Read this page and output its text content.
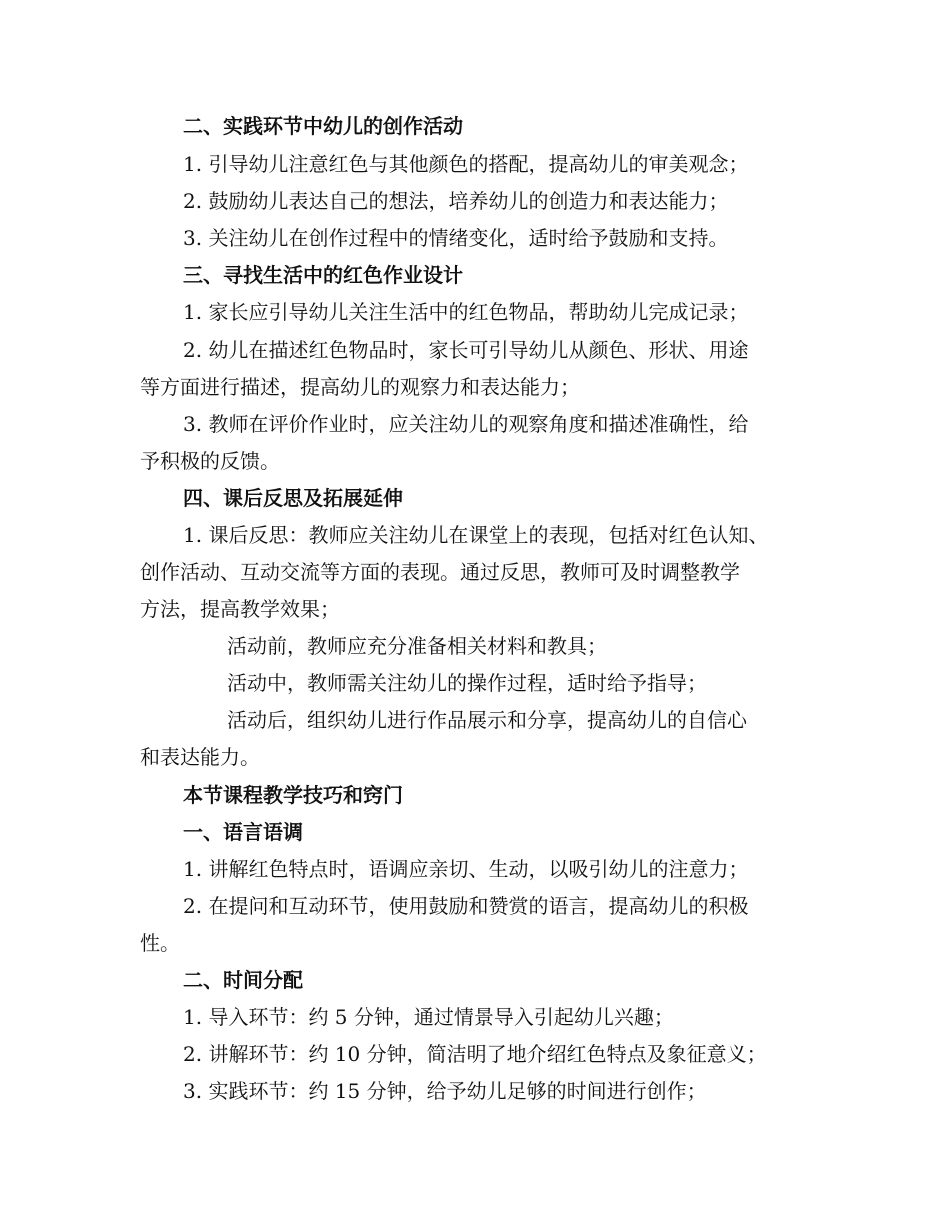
二、实践环节中幼儿的创作活动
1. 引导幼儿注意红色与其他颜色的搭配，提高幼儿的审美观念；
2. 鼓励幼儿表达自己的想法，培养幼儿的创造力和表达能力；
3. 关注幼儿在创作过程中的情绪变化，适时给予鼓励和支持。
三、寻找生活中的红色作业设计
1. 家长应引导幼儿关注生活中的红色物品，帮助幼儿完成记录；
2. 幼儿在描述红色物品时，家长可引导幼儿从颜色、形状、用途
等方面进行描述，提高幼儿的观察力和表达能力；
3. 教师在评价作业时，应关注幼儿的观察角度和描述准确性，给
予积极的反馈。
四、课后反思及拓展延伸
1. 课后反思：教师应关注幼儿在课堂上的表现，包括对红色认知、
创作活动、互动交流等方面的表现。通过反思，教师可及时调整教学
方法，提高教学效果；
活动前，教师应充分准备相关材料和教具；
活动中，教师需关注幼儿的操作过程，适时给予指导；
活动后，组织幼儿进行作品展示和分享，提高幼儿的自信心
和表达能力。
本节课程教学技巧和窍门
一、语言语调
1. 讲解红色特点时，语调应亲切、生动，以吸引幼儿的注意力；
2. 在提问和互动环节，使用鼓励和赞赏的语言，提高幼儿的积极
性。
二、时间分配
1. 导入环节：约 5 分钟，通过情景导入引起幼儿兴趣；
2. 讲解环节：约 10 分钟，简洁明了地介绍红色特点及象征意义；
3. 实践环节：约 15 分钟，给予幼儿足够的时间进行创作；
